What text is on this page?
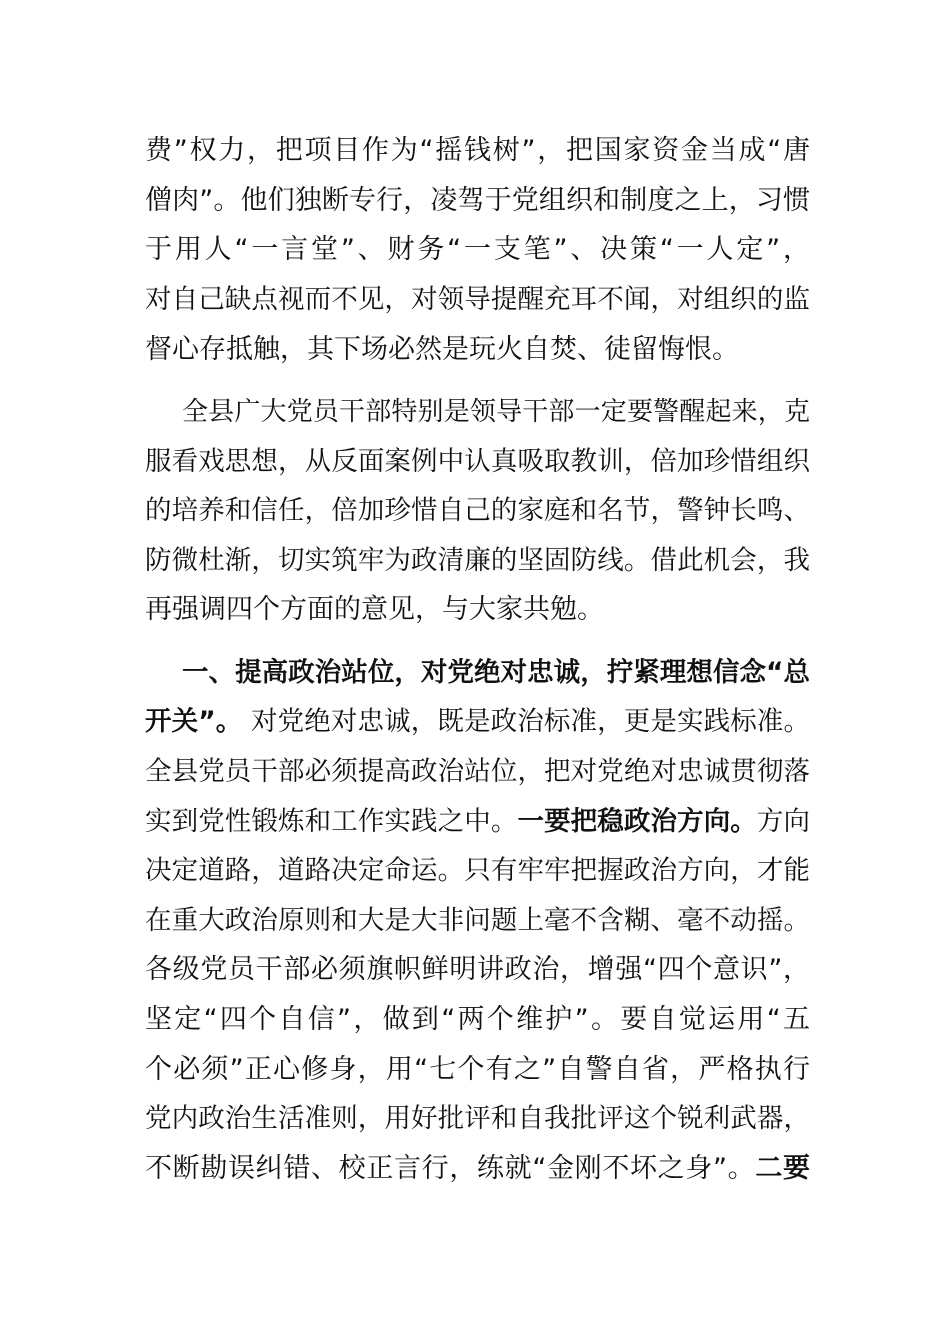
费”权力，把项目作为“摇钱树”，把国家资金当成“唐
僧肉”。他们独断专行，凌驾于党组织和制度之上，习惯
于用人“一言堂”、财务“一支笔”、决策“一人定”，
对自己缺点视而不见，对领导提醒充耳不闻，对组织的监
督心存抵触，其下场必然是玩火自焚、徒留悔恨。
全县广大党员干部特别是领导干部一定要警醒起来，克
服看戏思想，从反面案例中认真吸取教训，倍加珍惜组织
的培养和信任，倍加珍惜自己的家庭和名节，警钟长鸣、
防微杜渐，切实筑牢为政清廉的坚固防线。借此机会，我
再强调四个方面的意见，与大家共勉。
一、提高政治站位，对党绝对忠诚，拧紧理想信念“总
开关”。 对党绝对忠诚，既是政治标准，更是实践标准。
全县党员干部必须提高政治站位，把对党绝对忠诚贯彻落
实到党性锻炼和工作实践之中。一要把稳政治方向。方向
决定道路，道路决定命运。只有牢牢把握政治方向，才能
在重大政治原则和大是大非问题上毫不含糊、毫不动摇。
各级党员干部必须旗帜鲜明讲政治，增强“四个意识”，
坚定“四个自信”，做到“两个维护”。要自觉运用“五
个必须”正心修身，用“七个有之”自警自省，严格执行
党内政治生活准则，用好批评和自我批评这个锐利武器，
不断勘误纠错、校正言行，练就“金刚不坏之身”。二要
